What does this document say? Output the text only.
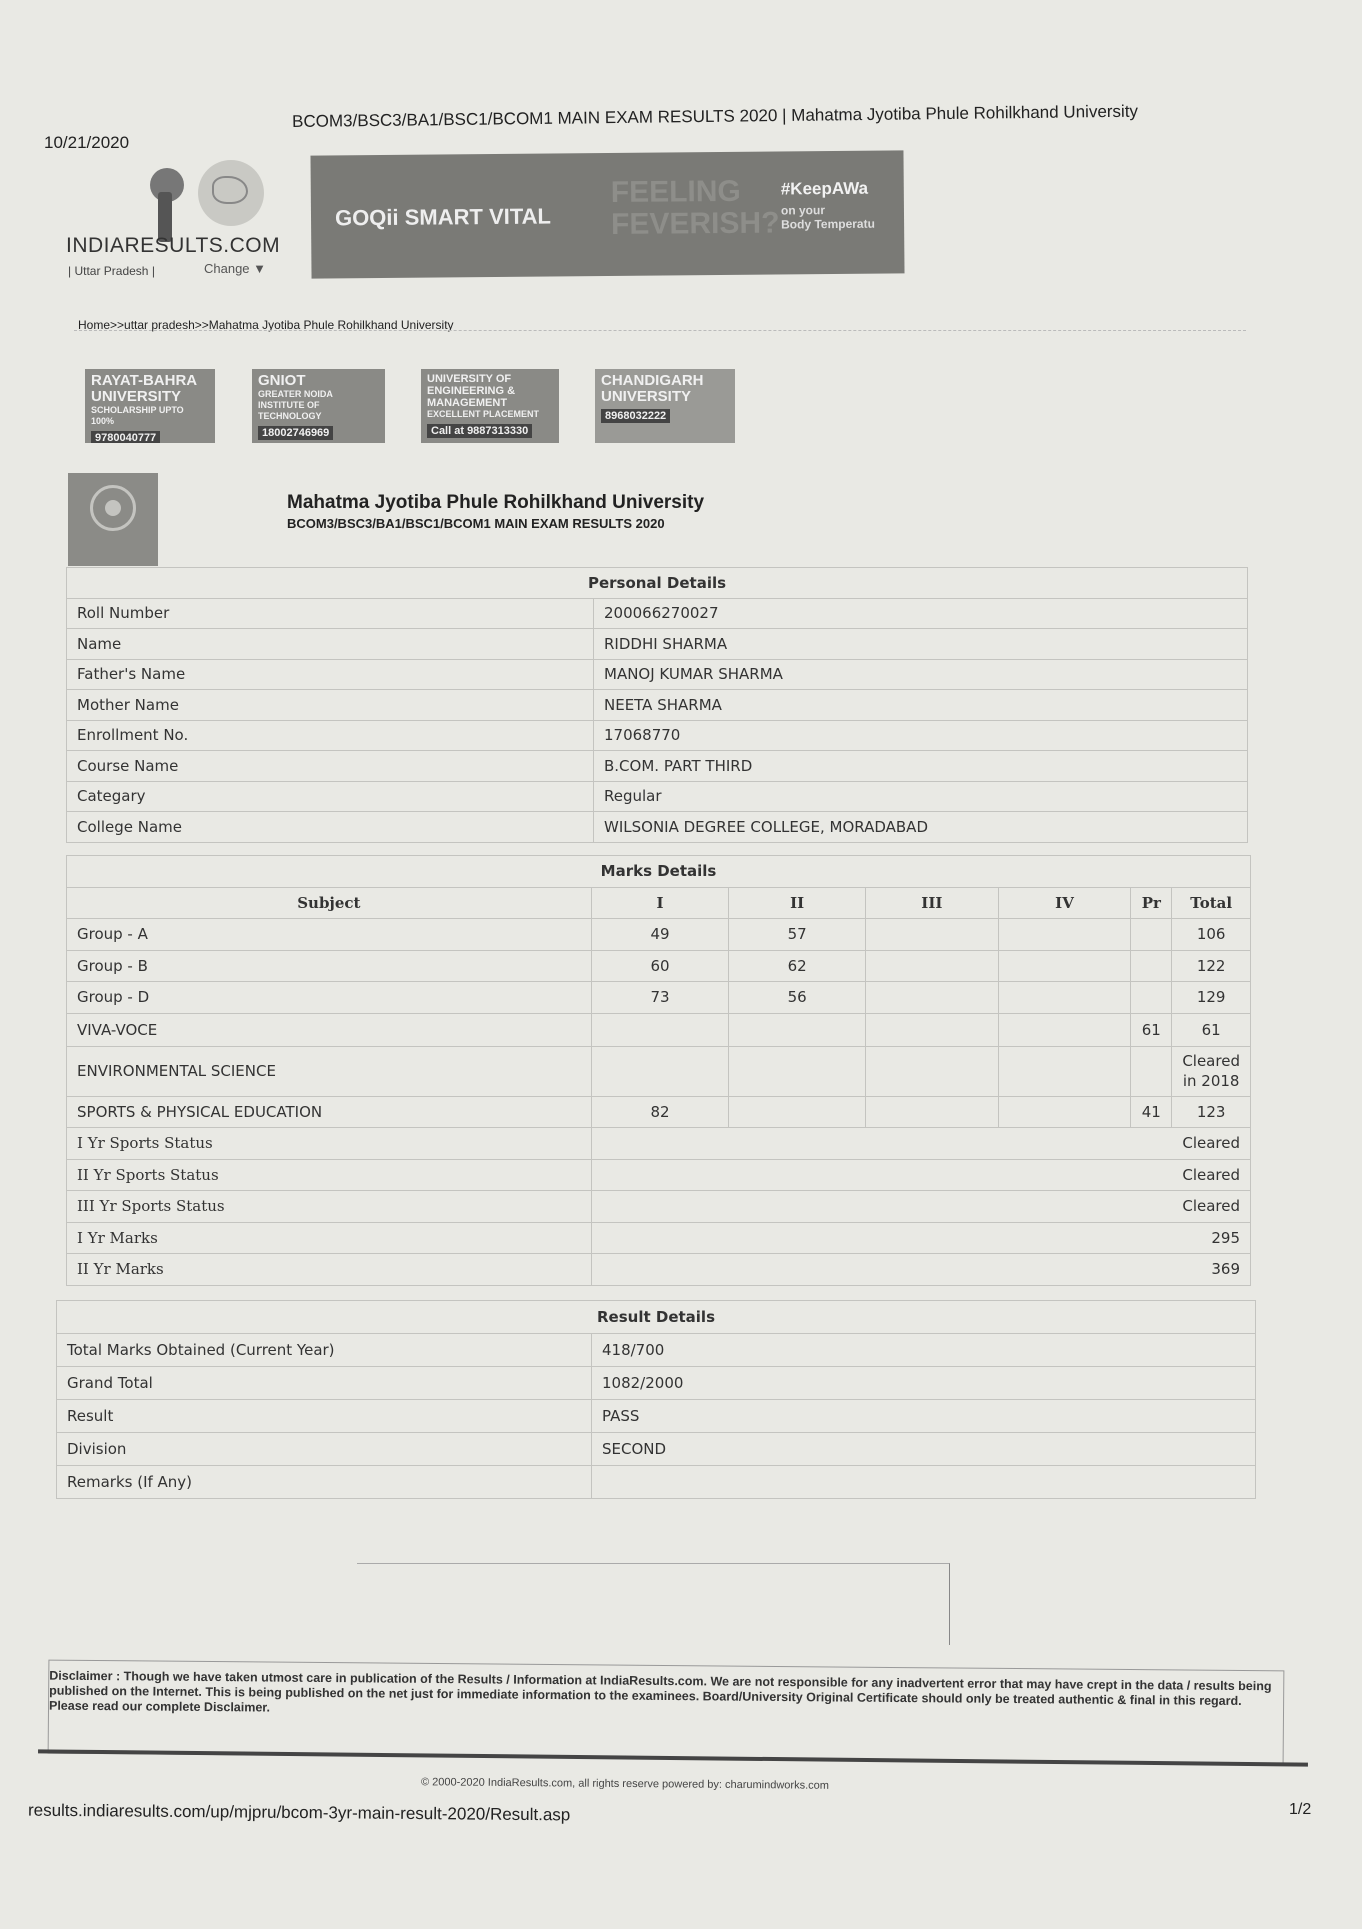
10/21/2020
BCOM3/BSC3/BA1/BSC1/BCOM1 MAIN EXAM RESULTS 2020 | Mahatma Jyotiba Phule Rohilkhand University
INDIARESULTS.COM
| Uttar Pradesh |	Change ▼
GOQii SMART VITAL
FEELING
FEVERISH?
#KeepAWa
on your
Body Temperatu
Home>>uttar pradesh>>Mahatma Jyotiba Phule Rohilkhand University
RAYAT-BAHRA UNIVERSITY
SCHOLARSHIP UPTO 100%
9780040777
GNIOT
GREATER NOIDA INSTITUTE OF TECHNOLOGY
18002746969
UNIVERSITY OF ENGINEERING & MANAGEMENT
EXCELLENT PLACEMENT
Call at 9887313330
CHANDIGARH UNIVERSITY
8968032222
Mahatma Jyotiba Phule Rohilkhand University
BCOM3/BSC3/BA1/BSC1/BCOM1 MAIN EXAM RESULTS 2020
Personal Details	
Roll Number	200066270027
Name	RIDDHI SHARMA
Father's Name	MANOJ KUMAR SHARMA
Mother Name	NEETA SHARMA
Enrollment No.	17068770
Course Name	B.COM. PART THIRD
Categary	Regular
College Name	WILSONIA DEGREE COLLEGE, MORADABAD
Marks Details						
Subject	I	II	III	IV	Pr	Total
Group - A	49	57				106
Group - B	60	62				122
Group - D	73	56				129
VIVA-VOCE					61	61
ENVIRONMENTAL SCIENCE						Cleared in 2018
SPORTS & PHYSICAL EDUCATION	82				41	123
I Yr Sports Status	Cleared					
II Yr Sports Status	Cleared					
III Yr Sports Status	Cleared					
I Yr Marks	295					
II Yr Marks	369					
Result Details	
Total Marks Obtained (Current Year)	418/700
Grand Total	1082/2000
Result	PASS
Division	SECOND
Remarks (If Any)	
Disclaimer : Though we have taken utmost care in publication of the Results / Information at IndiaResults.com. We are not responsible for any inadvertent error that may have crept in the data / results being published on the Internet. This is being published on the net just for immediate information to the examinees. Board/University Original Certificate should only be treated authentic & final in this regard. Please read our complete Disclaimer.
© 2000-2020 IndiaResults.com, all rights reserve powered by: charumindworks.com
results.indiaresults.com/up/mjpru/bcom-3yr-main-result-2020/Result.asp	1/2
